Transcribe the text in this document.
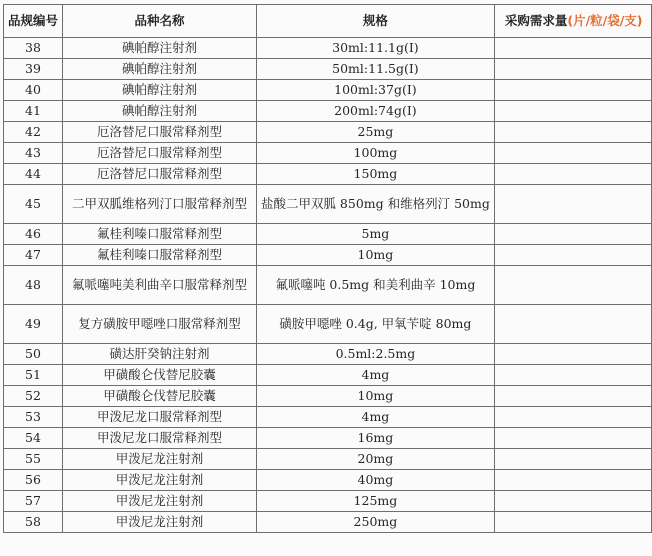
品规编号	品种名称	规格	采购需求量(片/粒/袋/支)
38	碘帕醇注射剂	30ml:11.1g(I)	
39	碘帕醇注射剂	50ml:11.5g(I)	
40	碘帕醇注射剂	100ml:37g(I)	
41	碘帕醇注射剂	200ml:74g(I)	
42	厄洛替尼口服常释剂型	25mg	
43	厄洛替尼口服常释剂型	100mg	
44	厄洛替尼口服常释剂型	150mg	
45	二甲双胍维格列汀口服常释剂型	盐酸二甲双胍 850mg 和维格列汀 50mg	
46	氟桂利嗪口服常释剂型	5mg	
47	氟桂利嗪口服常释剂型	10mg	
48	氟哌噻吨美利曲辛口服常释剂型	氟哌噻吨 0.5mg 和美利曲辛 10mg	
49	复方磺胺甲噁唑口服常释剂型	磺胺甲噁唑 0.4g, 甲氧苄啶 80mg	
50	磺达肝癸钠注射剂	0.5ml:2.5mg	
51	甲磺酸仑伐替尼胶囊	4mg	
52	甲磺酸仑伐替尼胶囊	10mg	
53	甲泼尼龙口服常释剂型	4mg	
54	甲泼尼龙口服常释剂型	16mg	
55	甲泼尼龙注射剂	20mg	
56	甲泼尼龙注射剂	40mg	
57	甲泼尼龙注射剂	125mg	
58	甲泼尼龙注射剂	250mg	
